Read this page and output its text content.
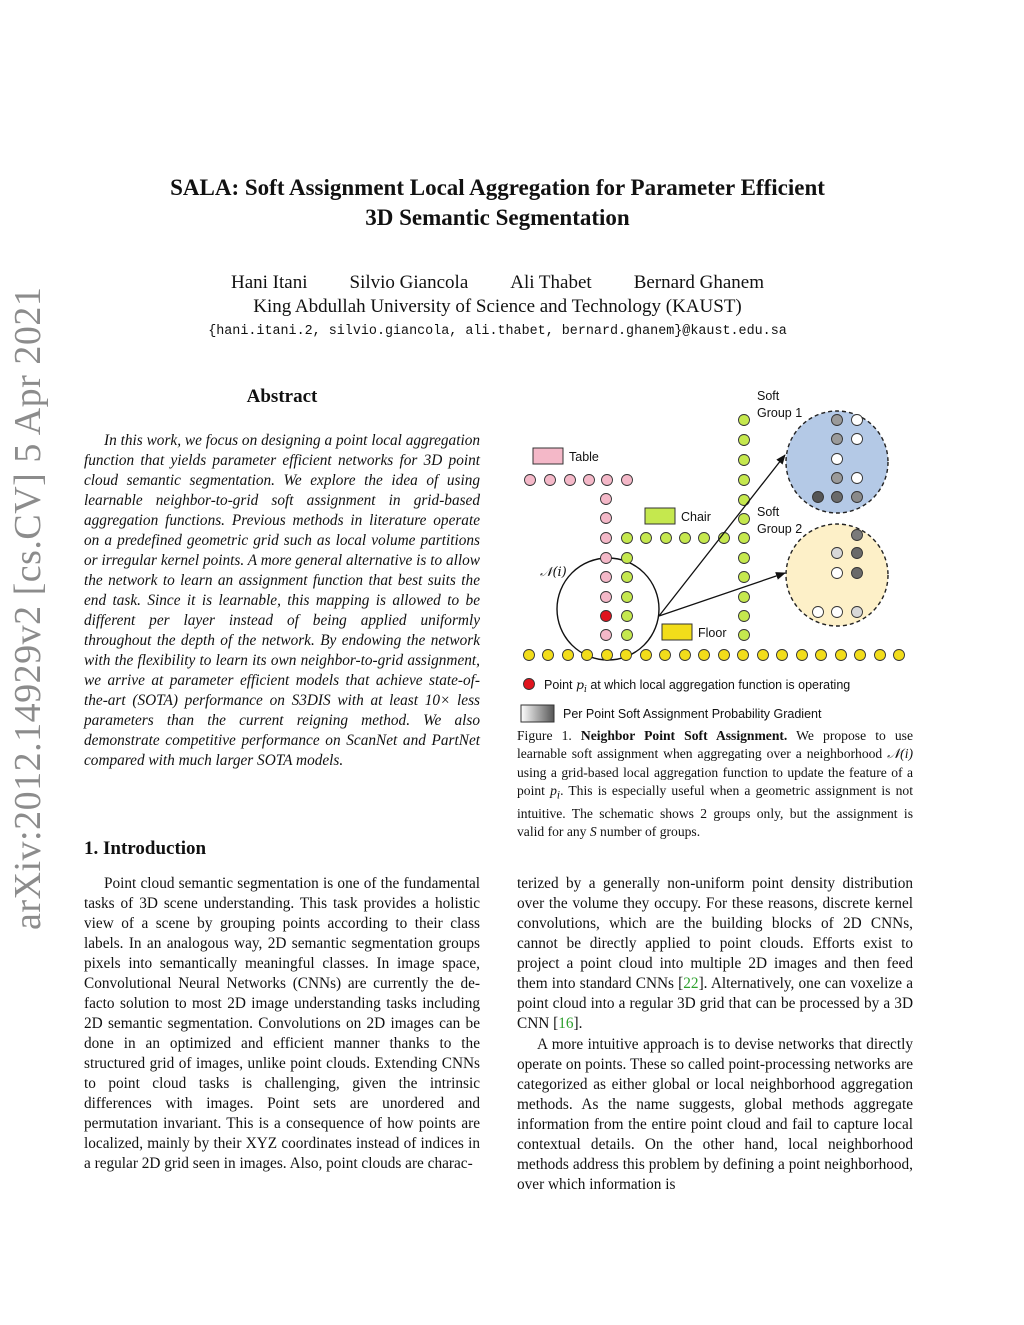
arXiv:2012.14929v2 [cs.CV] 5 Apr 2021
SALA: Soft Assignment Local Aggregation for Parameter Efficient
3D Semantic Segmentation
Hani Itani Silvio Giancola Ali Thabet Bernard Ghanem
King Abdullah University of Science and Technology (KAUST)
{hani.itani.2, silvio.giancola, ali.thabet, bernard.ghanem}@kaust.edu.sa
Abstract

In this work, we focus on designing a point local aggregation function that yields parameter efficient networks for 3D point cloud semantic segmentation. We explore the idea of using learnable neighbor-to-grid soft assignment in grid-based aggregation functions. Previous methods in literature operate on a predefined geometric grid such as local volume partitions or irregular kernel points. A more general alternative is to allow the network to learn an assignment function that best suits the end task. Since it is learnable, this mapping is allowed to be different per layer instead of being applied uniformly throughout the depth of the network. By endowing the network with the flexibility to learn its own neighbor-to-grid assignment, we arrive at parameter efficient models that achieve state-of-the-art (SOTA) performance on S3DIS with at least 10× less parameters than the current reigning method. We also demonstrate competitive performance on ScanNet and PartNet compared with much larger SOTA models.

Table
Chair
Floor
Soft
Group 1
Soft
Group 2
𝒩(i)
Point $p_i$ at which local aggregation function is operating
Per Point Soft Assignment Probability Gradient

Figure 1. Neighbor Point Soft Assignment. We propose to use learnable soft assignment when aggregating over a neighborhood 𝒩(i) using a grid-based local aggregation function to update the feature of a point $p_i$. This is especially useful when a geometric assignment is not intuitive. The schematic shows 2 groups only, but the assignment is valid for any S number of groups.

1. Introduction

Point cloud semantic segmentation is one of the fundamental tasks of 3D scene understanding. This task provides a holistic view of a scene by grouping points according to their class labels. In an analogous way, 2D semantic segmentation groups pixels into semantically meaningful classes. In image space, Convolutional Neural Networks (CNNs) are currently the de-facto solution to most 2D image understanding tasks including 2D semantic segmentation. Convolutions on 2D images can be done in an optimized and efficient manner thanks to the structured grid of images, unlike point clouds. Extending CNNs to point cloud tasks is challenging, given the intrinsic differences with images. Point sets are unordered and permutation invariant. This is a consequence of how points are localized, mainly by their XYZ coordinates instead of indices in a regular 2D grid seen in images. Also, point clouds are charac-

terized by a generally non-uniform point density distribution over the volume they occupy. For these reasons, discrete kernel convolutions, which are the building blocks of 2D CNNs, cannot be directly applied to point clouds. Efforts exist to project a point cloud into multiple 2D images and then feed them into standard CNNs [22]. Alternatively, one can voxelize a point cloud into a regular 3D grid that can be processed by a 3D CNN [16].

A more intuitive approach is to devise networks that directly operate on points. These so called point-processing networks are categorized as either global or local neighborhood aggregation methods. As the name suggests, global methods aggregate information from the entire point cloud and fail to capture local contextual details. On the other hand, local neighborhood methods address this problem by defining a point neighborhood, over which information is
